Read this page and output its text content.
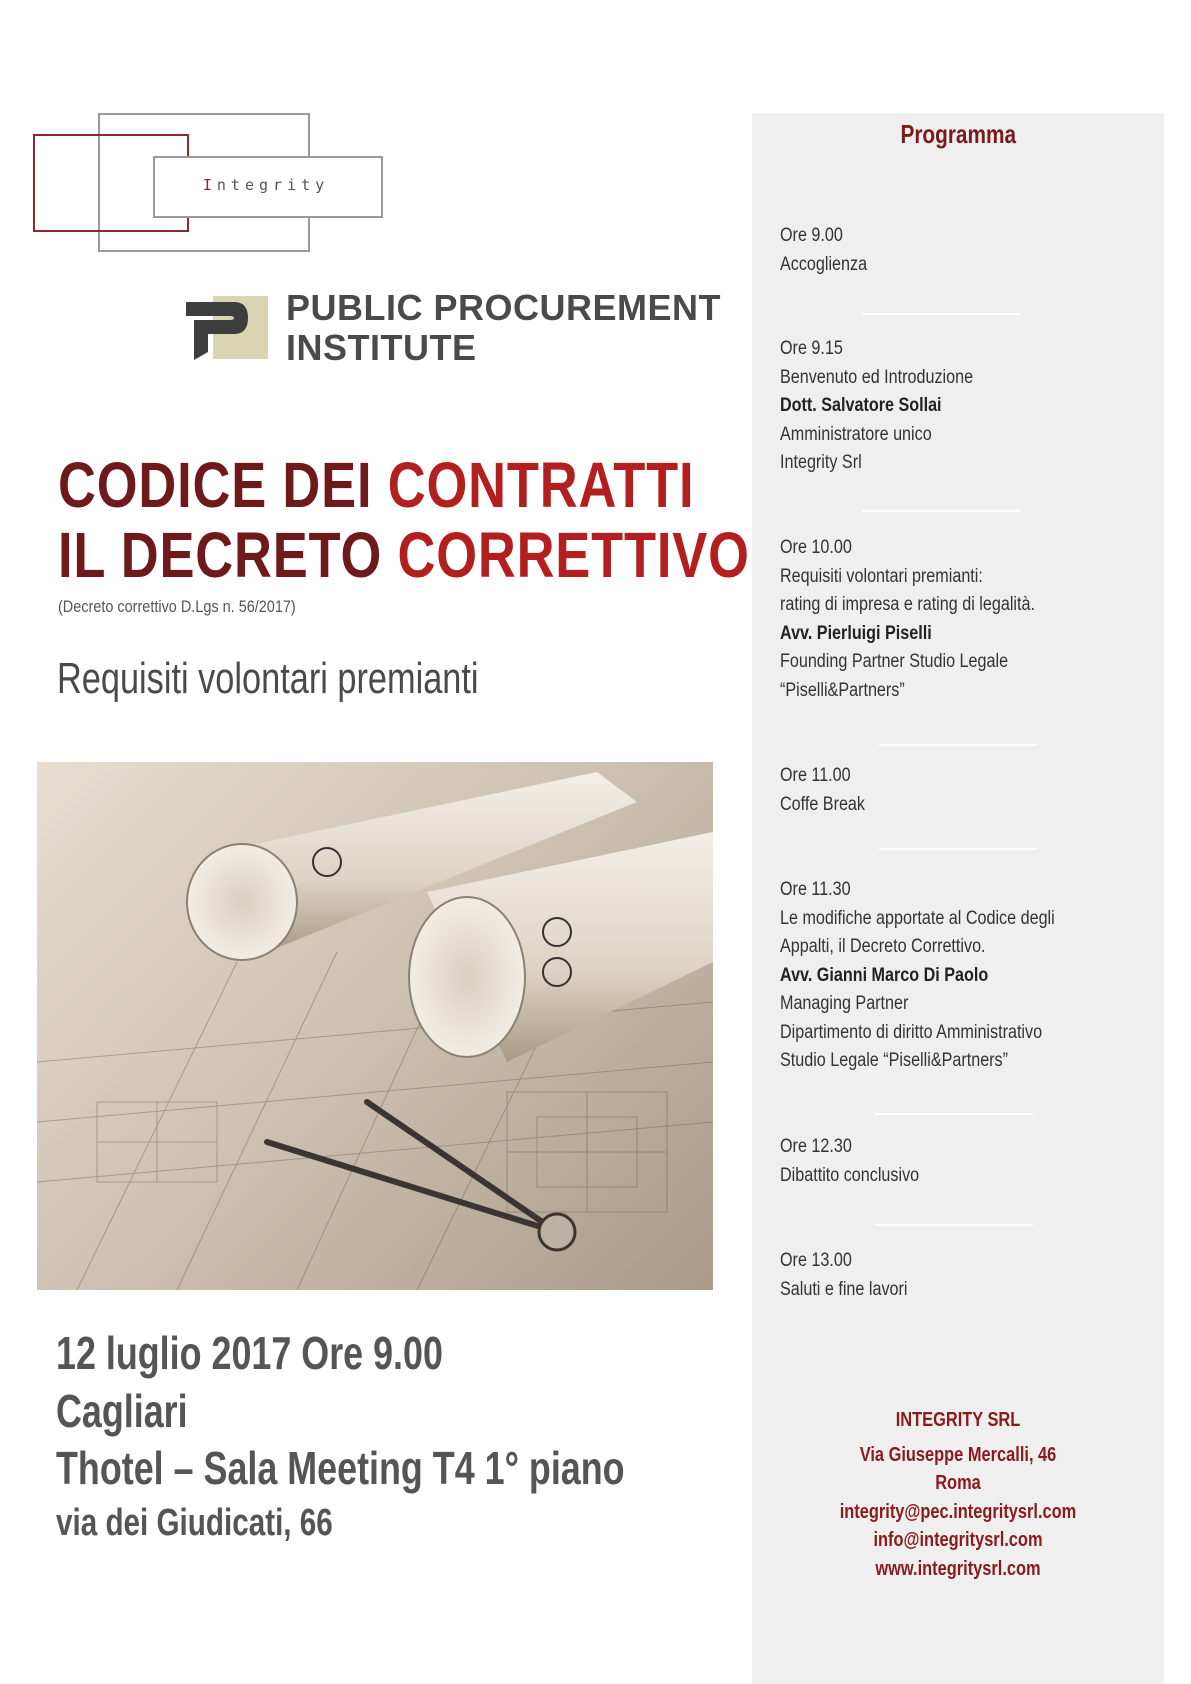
Integrity
PUBLIC PROCUREMENT
INSTITUTE
CODICE DEI CONTRATTI
IL DECRETO CORRETTIVO
(Decreto correttivo D.Lgs n. 56/2017)
Requisiti volontari premianti
12 luglio 2017 Ore 9.00
Cagliari
Thotel – Sala Meeting T4 1° piano
via dei Giudicati, 66
Programma
Ore 9.00
Accoglienza
Ore 9.15
Benvenuto ed Introduzione
Dott. Salvatore Sollai
Amministratore unico
Integrity Srl
Ore 10.00
Requisiti volontari premianti:
rating di impresa e rating di legalità.
Avv. Pierluigi Piselli
Founding Partner Studio Legale
“Piselli&Partners”
Ore 11.00
Coffe Break
Ore 11.30
Le modifiche apportate al Codice degli
Appalti, il Decreto Correttivo.
Avv. Gianni Marco Di Paolo
Managing Partner
Dipartimento di diritto Amministrativo
Studio Legale “Piselli&Partners”
Ore 12.30
Dibattito conclusivo
Ore 13.00
Saluti e fine lavori
INTEGRITY SRL
Via Giuseppe Mercalli, 46
Roma
integrity@pec.integritysrl.com
info@integritysrl.com
www.integritysrl.com
